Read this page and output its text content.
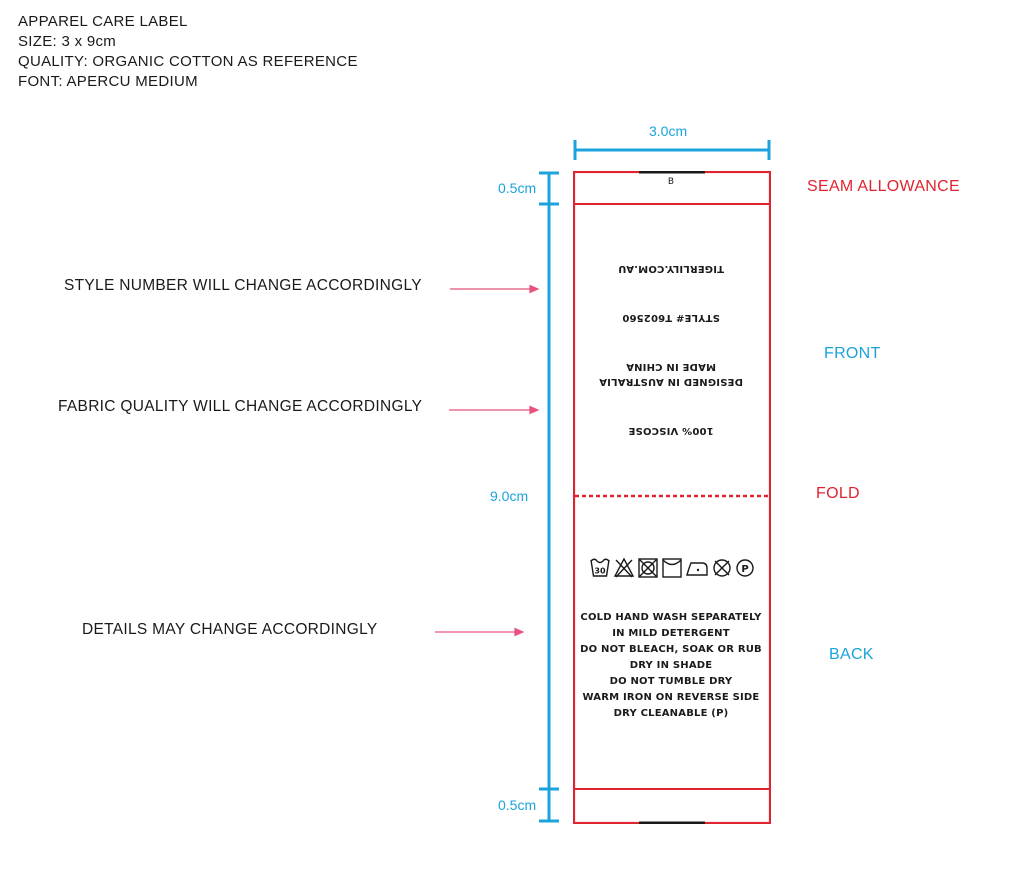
APPAREL CARE LABEL
SIZE: 3 x 9cm
QUALITY: ORGANIC COTTON AS REFERENCE
FONT: APERCU MEDIUM
3.0cm
0.5cm
9.0cm
0.5cm
STYLE NUMBER WILL CHANGE ACCORDINGLY
FABRIC QUALITY WILL CHANGE ACCORDINGLY
DETAILS MAY CHANGE ACCORDINGLY
SEAM ALLOWANCE
FRONT
FOLD
BACK
B
TIGERLILY.COM.AU
STYLE# T602560
MADE IN CHINA
DESIGNED IN AUSTRALIA
100% VISCOSE
30	P
COLD HAND WASH SEPARATELY
IN MILD DETERGENT
DO NOT BLEACH, SOAK OR RUB
DRY IN SHADE
DO NOT TUMBLE DRY
WARM IRON ON REVERSE SIDE
DRY CLEANABLE (P)
